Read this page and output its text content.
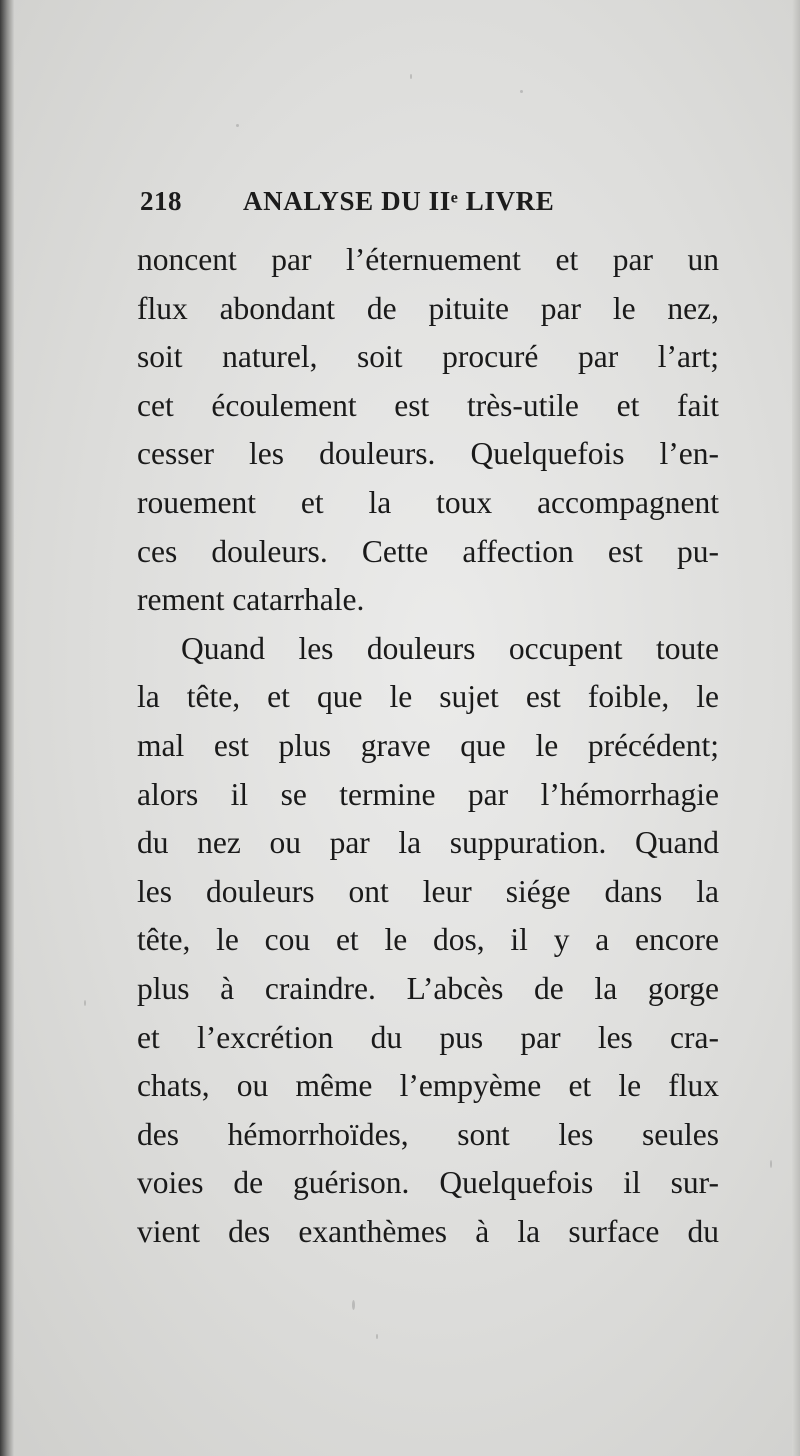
218 ANALYSE DU IIᵉ LIVRE
noncent par l’éternuement et par un
flux abondant de pituite par le nez,
soit naturel, soit procuré par l’art;
cet écoulement est très-utile et fait
cesser les douleurs. Quelquefois l’en-
rouement et la toux accompagnent
ces douleurs. Cette affection est pu-
rement catarrhale.
Quand les douleurs occupent toute
la tête, et que le sujet est foible, le
mal est plus grave que le précédent;
alors il se termine par l’hémorrhagie
du nez ou par la suppuration. Quand
les douleurs ont leur siége dans la
tête, le cou et le dos, il y a encore
plus à craindre. L’abcès de la gorge
et l’excrétion du pus par les cra-
chats, ou même l’empyème et le flux
des hémorrhoïdes, sont les seules
voies de guérison. Quelquefois il sur-
vient des exanthèmes à la surface du
